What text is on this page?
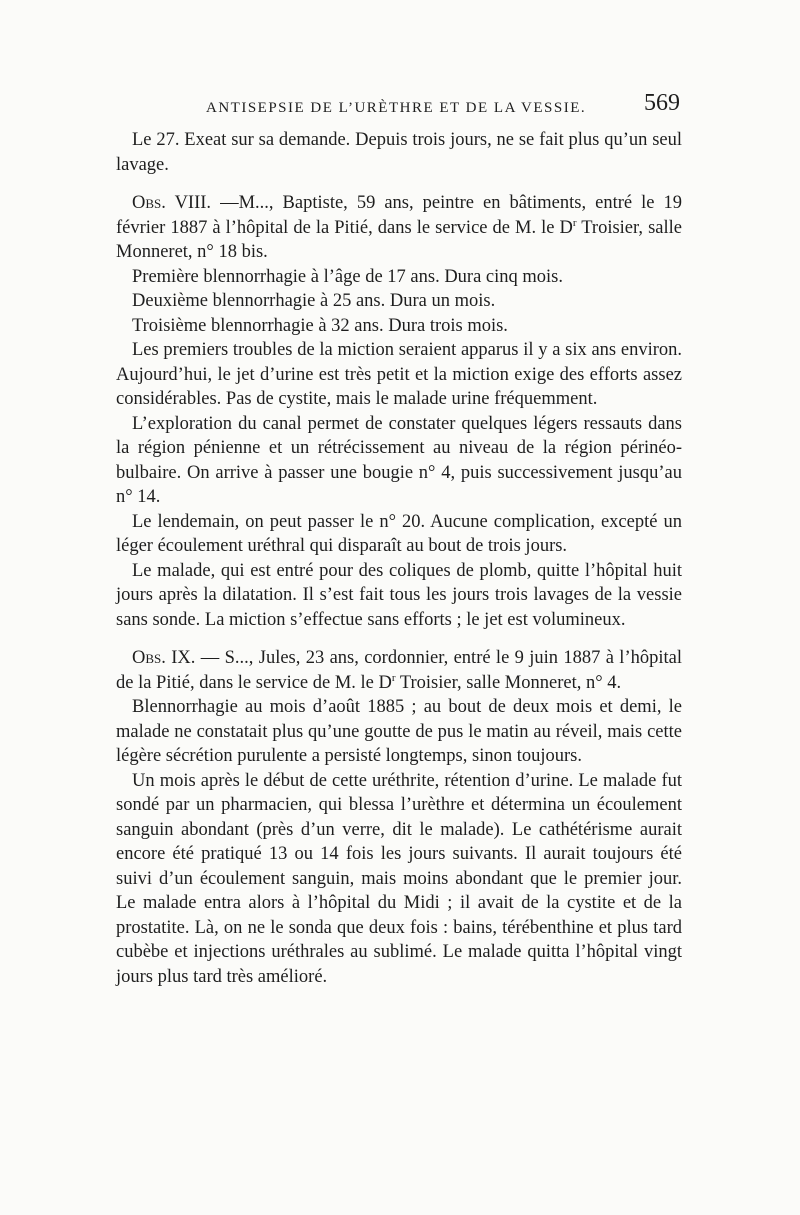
ANTISEPSIE DE L’URÈTHRE ET DE LA VESSIE. 569

Le 27. Exeat sur sa demande. Depuis trois jours, ne se fait plus qu’un seul lavage.

Obs. VIII. —M..., Baptiste, 59 ans, peintre en bâtiments, entré le 19 février 1887 à l’hôpital de la Pitié, dans le service de M. le $D^r$ Troisier, salle Monneret, n° 18 bis.

Première blennorrhagie à l’âge de 17 ans. Dura cinq mois.

Deuxième blennorrhagie à 25 ans. Dura un mois.

Troisième blennorrhagie à 32 ans. Dura trois mois.

Les premiers troubles de la miction seraient apparus il y a six ans environ. Aujourd’hui, le jet d’urine est très petit et la miction exige des efforts assez considérables. Pas de cystite, mais le malade urine fréquemment.

L’exploration du canal permet de constater quelques légers ressauts dans la région pénienne et un rétrécissement au niveau de la région périnéo-bulbaire. On arrive à passer une bougie n° 4, puis successivement jusqu’au n° 14.

Le lendemain, on peut passer le n° 20. Aucune complication, excepté un léger écoulement uréthral qui disparaît au bout de trois jours.

Le malade, qui est entré pour des coliques de plomb, quitte l’hôpital huit jours après la dilatation. Il s’est fait tous les jours trois lavages de la vessie sans sonde. La miction s’effectue sans efforts ; le jet est volumineux.

Obs. IX. — S..., Jules, 23 ans, cordonnier, entré le 9 juin 1887 à l’hôpital de la Pitié, dans le service de M. le $D^r$ Troisier, salle Monneret, n° 4.

Blennorrhagie au mois d’août 1885 ; au bout de deux mois et demi, le malade ne constatait plus qu’une goutte de pus le matin au réveil, mais cette légère sécrétion purulente a persisté longtemps, sinon toujours.

Un mois après le début de cette uréthrite, rétention d’urine. Le malade fut sondé par un pharmacien, qui blessa l’urèthre et détermina un écoulement sanguin abondant (près d’un verre, dit le malade). Le cathétérisme aurait encore été pratiqué 13 ou 14 fois les jours suivants. Il aurait toujours été suivi d’un écoulement sanguin, mais moins abondant que le premier jour. Le malade entra alors à l’hôpital du Midi ; il avait de la cystite et de la prostatite. Là, on ne le sonda que deux fois : bains, térébenthine et plus tard cubèbe et injections uréthrales au sublimé. Le malade quitta l’hôpital vingt jours plus tard très amélioré.
